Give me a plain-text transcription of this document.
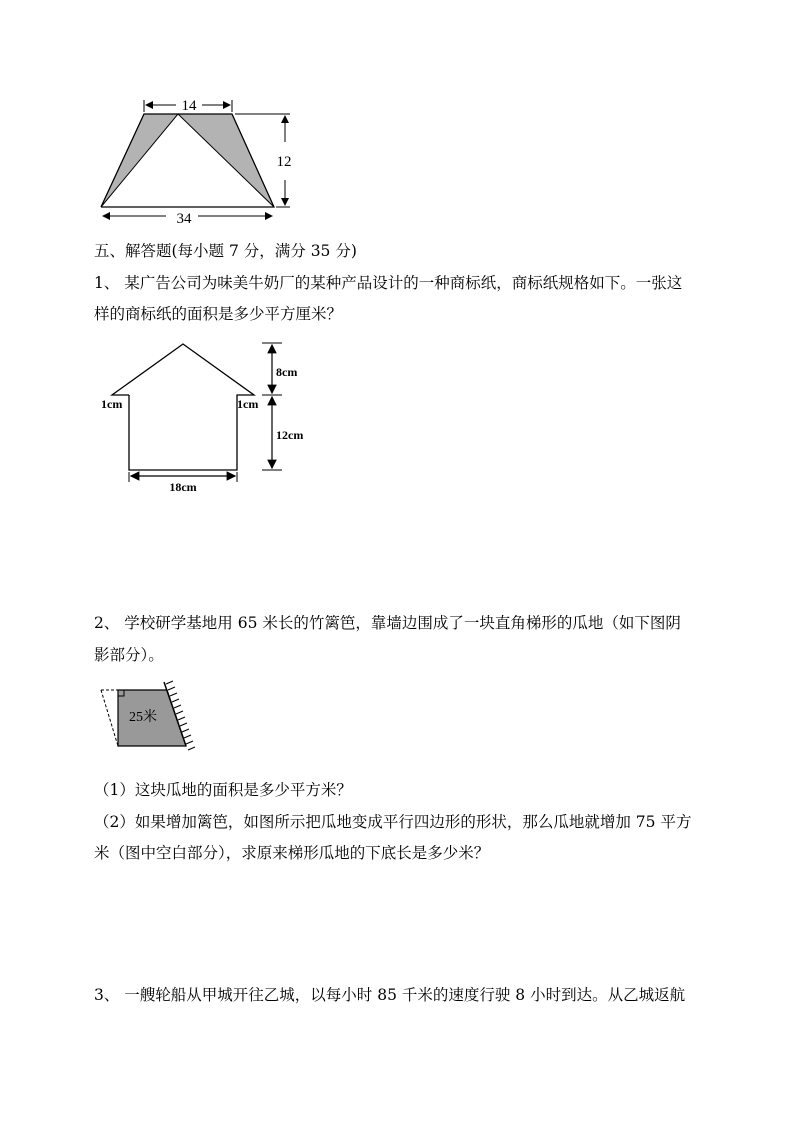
14
12
34
五、解答题(每小题 7 分，满分 35 分)
1、 某广告公司为味美牛奶厂的某种产品设计的一种商标纸，商标纸规格如下。一张这
样的商标纸的面积是多少平方厘米？
1cm	1cm
8cm
12cm
18cm
2、 学校研学基地用 65 米长的竹篱笆，靠墙边围成了一块直角梯形的瓜地（如下图阴
影部分）。
25米
（1）这块瓜地的面积是多少平方米？
（2）如果增加篱笆，如图所示把瓜地变成平行四边形的形状，那么瓜地就增加 75 平方
米（图中空白部分），求原来梯形瓜地的下底长是多少米？
3、 一艘轮船从甲城开往乙城，以每小时 85 千米的速度行驶 8 小时到达。从乙城返航
